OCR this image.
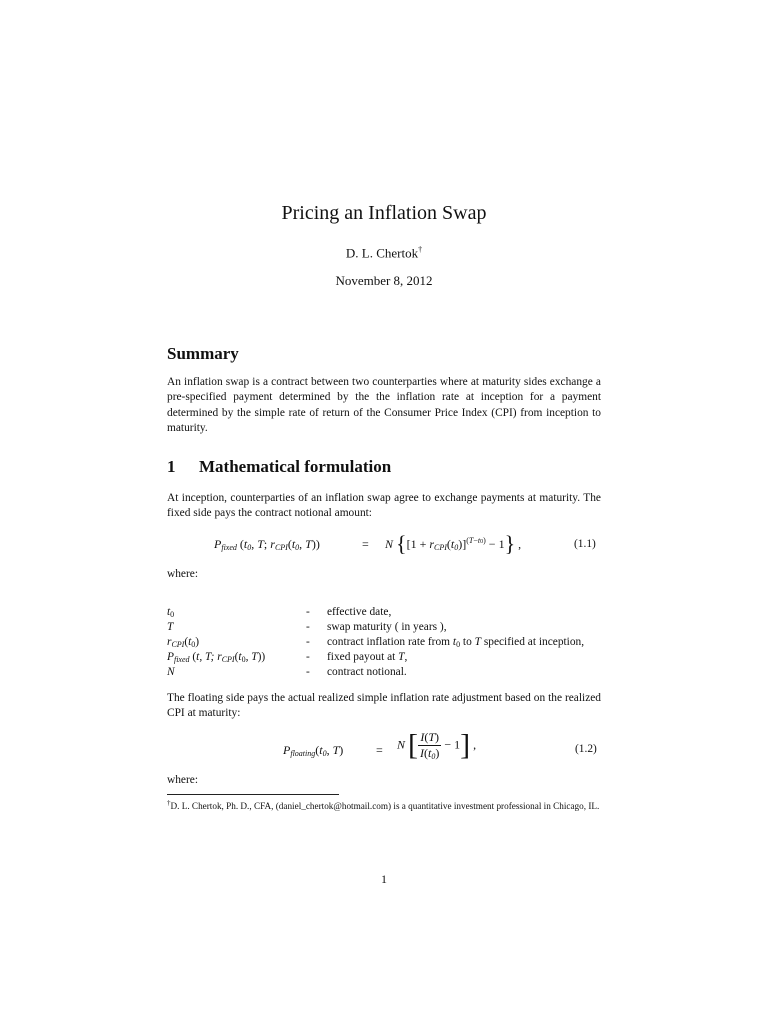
Pricing an Inflation Swap
D. L. Chertok†
November 8, 2012
Summary
An inflation swap is a contract between two counterparties where at maturity sides exchange a pre-specified payment determined by the the inflation rate at inception for a payment determined by the simple rate of return of the Consumer Price Index (CPI) from inception to maturity.
1 Mathematical formulation
At inception, counterparties of an inflation swap agree to exchange payments at maturity. The fixed side pays the contract notional amount:
$P_{fixed}$ ($t_0$, T; $r_{CPI}(t_0$, T))	= N $\{[1 + r_{CPI}(t_0)]^{(T-t0)} - 1\}$ ,	(1.1)
where:
$t_0$	- effective date,
T	- swap maturity ( in years ),
$r_{CPI}(t_0)$	- contract inflation rate from $t_0$ to T specified at inception,
$P_{fixed}$ (t, T; $r_{CPI}(t_0$, T))	- fixed payout at T,
N	- contract notional.
The floating side pays the actual realized simple inflation rate adjustment based on the realized CPI at maturity:
$P_{floating}(t_0$, T)	= N [ $\frac{I(T)}{I(t_0)} - 1$] ,	(1.2)
where:
†D. L. Chertok, Ph. D., CFA, (daniel_chertok@hotmail.com) is a quantitative investment professional in Chicago, IL.
1
